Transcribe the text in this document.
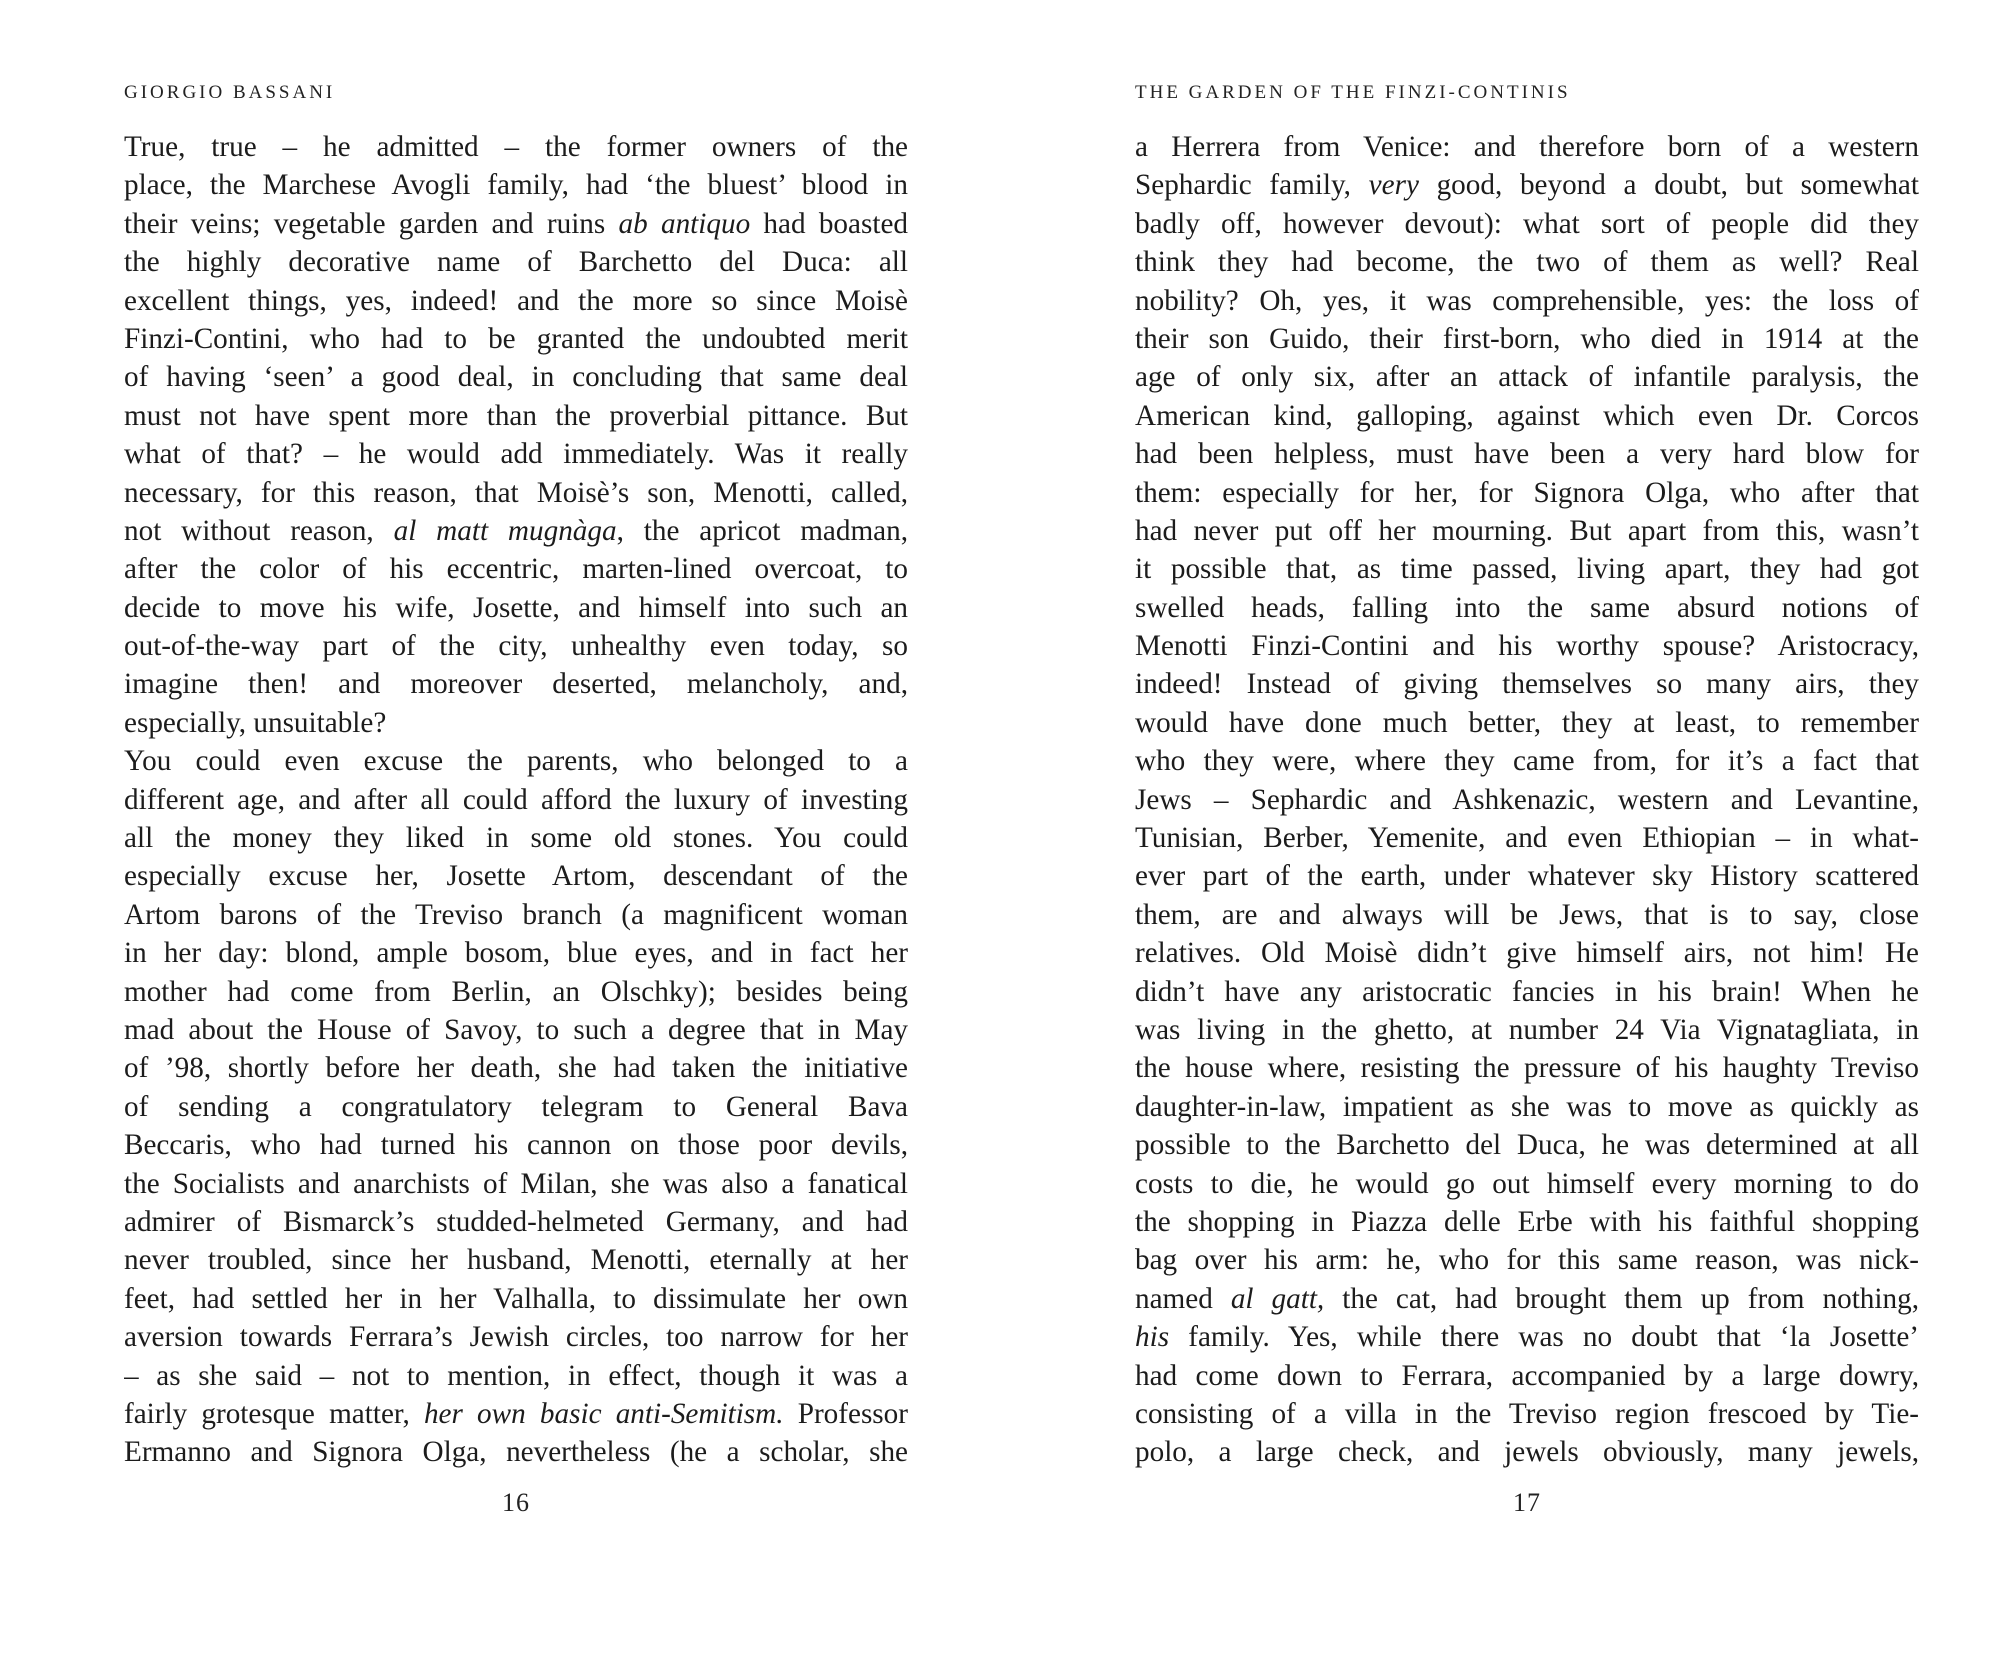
GIORGIO BASSANI
True, true – he admitted – the former owners of the
place, the Marchese Avogli family, had ‘the bluest’ blood in
their veins; vegetable garden and ruins ab antiquo had boasted
the highly decorative name of Barchetto del Duca: all
excellent things, yes, indeed! and the more so since Moisè
Finzi-Contini, who had to be granted the undoubted merit
of having ‘seen’ a good deal, in concluding that same deal
must not have spent more than the proverbial pittance. But
what of that? – he would add immediately. Was it really
necessary, for this reason, that Moisè’s son, Menotti, called,
not without reason, al matt mugnàga, the apricot madman,
after the color of his eccentric, marten-lined overcoat, to
decide to move his wife, Josette, and himself into such an
out-of-the-way part of the city, unhealthy even today, so
imagine then! and moreover deserted, melancholy, and,
especially, unsuitable?
You could even excuse the parents, who belonged to a
different age, and after all could afford the luxury of investing
all the money they liked in some old stones. You could
especially excuse her, Josette Artom, descendant of the
Artom barons of the Treviso branch (a magnificent woman
in her day: blond, ample bosom, blue eyes, and in fact her
mother had come from Berlin, an Olschky); besides being
mad about the House of Savoy, to such a degree that in May
of ’98, shortly before her death, she had taken the initiative
of sending a congratulatory telegram to General Bava
Beccaris, who had turned his cannon on those poor devils,
the Socialists and anarchists of Milan, she was also a fanatical
admirer of Bismarck’s studded-helmeted Germany, and had
never troubled, since her husband, Menotti, eternally at her
feet, had settled her in her Valhalla, to dissimulate her own
aversion towards Ferrara’s Jewish circles, too narrow for her
– as she said – not to mention, in effect, though it was a
fairly grotesque matter, her own basic anti-Semitism. Professor
Ermanno and Signora Olga, nevertheless (he a scholar, she
16
THE GARDEN OF THE FINZI-CONTINIS
a Herrera from Venice: and therefore born of a western
Sephardic family, very good, beyond a doubt, but somewhat
badly off, however devout): what sort of people did they
think they had become, the two of them as well? Real
nobility? Oh, yes, it was comprehensible, yes: the loss of
their son Guido, their first-born, who died in 1914 at the
age of only six, after an attack of infantile paralysis, the
American kind, galloping, against which even Dr. Corcos
had been helpless, must have been a very hard blow for
them: especially for her, for Signora Olga, who after that
had never put off her mourning. But apart from this, wasn’t
it possible that, as time passed, living apart, they had got
swelled heads, falling into the same absurd notions of
Menotti Finzi-Contini and his worthy spouse? Aristocracy,
indeed! Instead of giving themselves so many airs, they
would have done much better, they at least, to remember
who they were, where they came from, for it’s a fact that
Jews – Sephardic and Ashkenazic, western and Levantine,
Tunisian, Berber, Yemenite, and even Ethiopian – in what-
ever part of the earth, under whatever sky History scattered
them, are and always will be Jews, that is to say, close
relatives. Old Moisè didn’t give himself airs, not him! He
didn’t have any aristocratic fancies in his brain! When he
was living in the ghetto, at number 24 Via Vignatagliata, in
the house where, resisting the pressure of his haughty Treviso
daughter-in-law, impatient as she was to move as quickly as
possible to the Barchetto del Duca, he was determined at all
costs to die, he would go out himself every morning to do
the shopping in Piazza delle Erbe with his faithful shopping
bag over his arm: he, who for this same reason, was nick-
named al gatt, the cat, had brought them up from nothing,
his family. Yes, while there was no doubt that ‘la Josette’
had come down to Ferrara, accompanied by a large dowry,
consisting of a villa in the Treviso region frescoed by Tie-
polo, a large check, and jewels obviously, many jewels,
17
